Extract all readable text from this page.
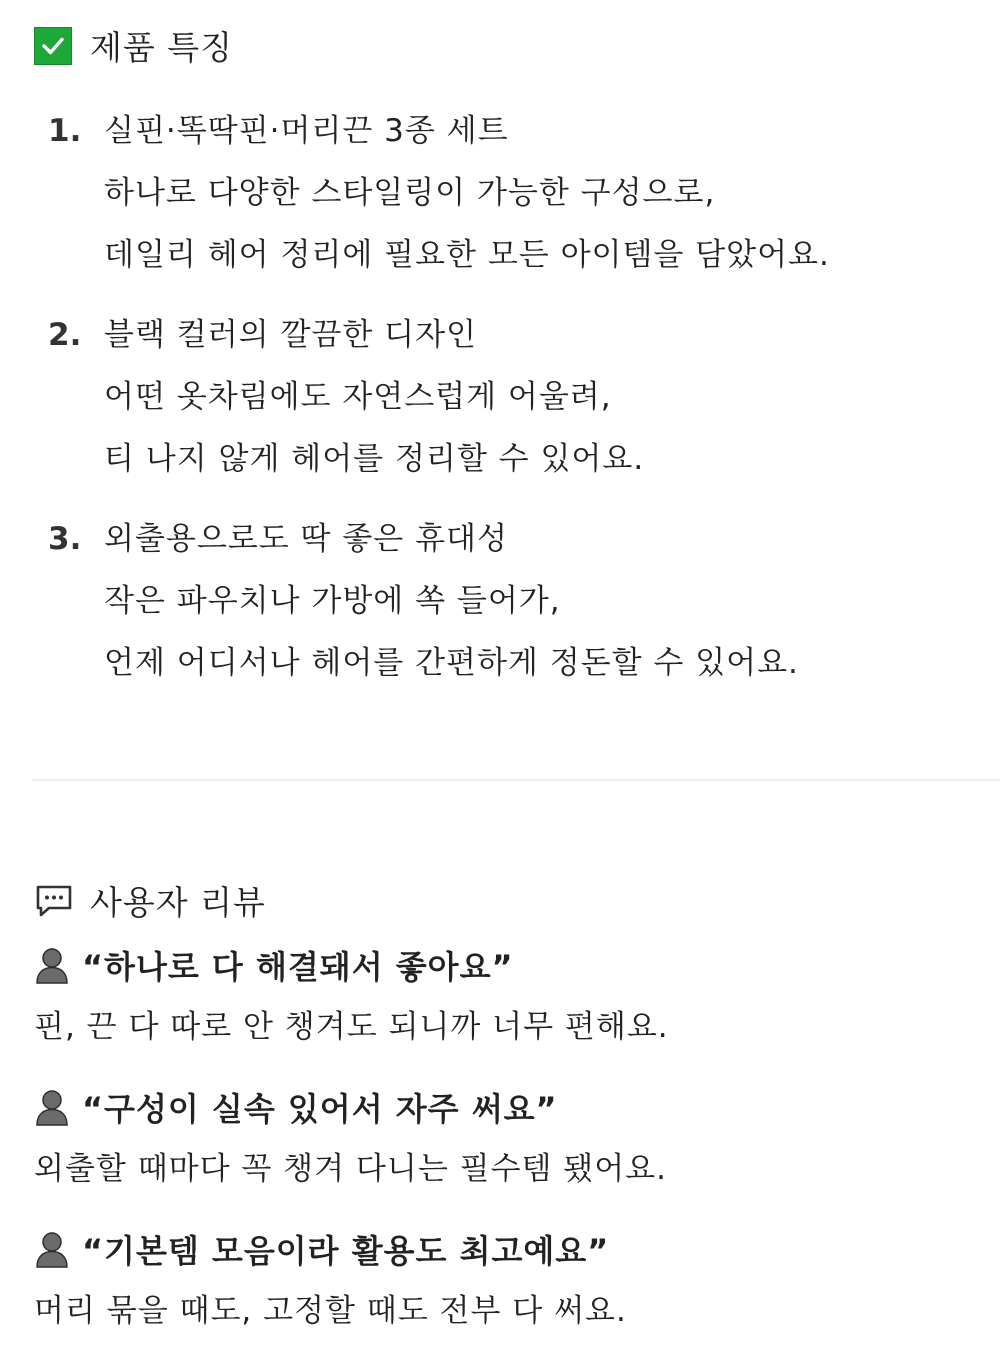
제품 특징
1. 실핀·똑딱핀·머리끈 3종 세트
하나로 다양한 스타일링이 가능한 구성으로,
데일리 헤어 정리에 필요한 모든 아이템을 담았어요.
2. 블랙 컬러의 깔끔한 디자인
어떤 옷차림에도 자연스럽게 어울려,
티 나지 않게 헤어를 정리할 수 있어요.
3. 외출용으로도 딱 좋은 휴대성
작은 파우치나 가방에 쏙 들어가,
언제 어디서나 헤어를 간편하게 정돈할 수 있어요.
사용자 리뷰
“하나로 다 해결돼서 좋아요”
핀, 끈 다 따로 안 챙겨도 되니까 너무 편해요.
“구성이 실속 있어서 자주 써요”
외출할 때마다 꼭 챙겨 다니는 필수템 됐어요.
“기본템 모음이라 활용도 최고예요”
머리 묶을 때도, 고정할 때도 전부 다 써요.
